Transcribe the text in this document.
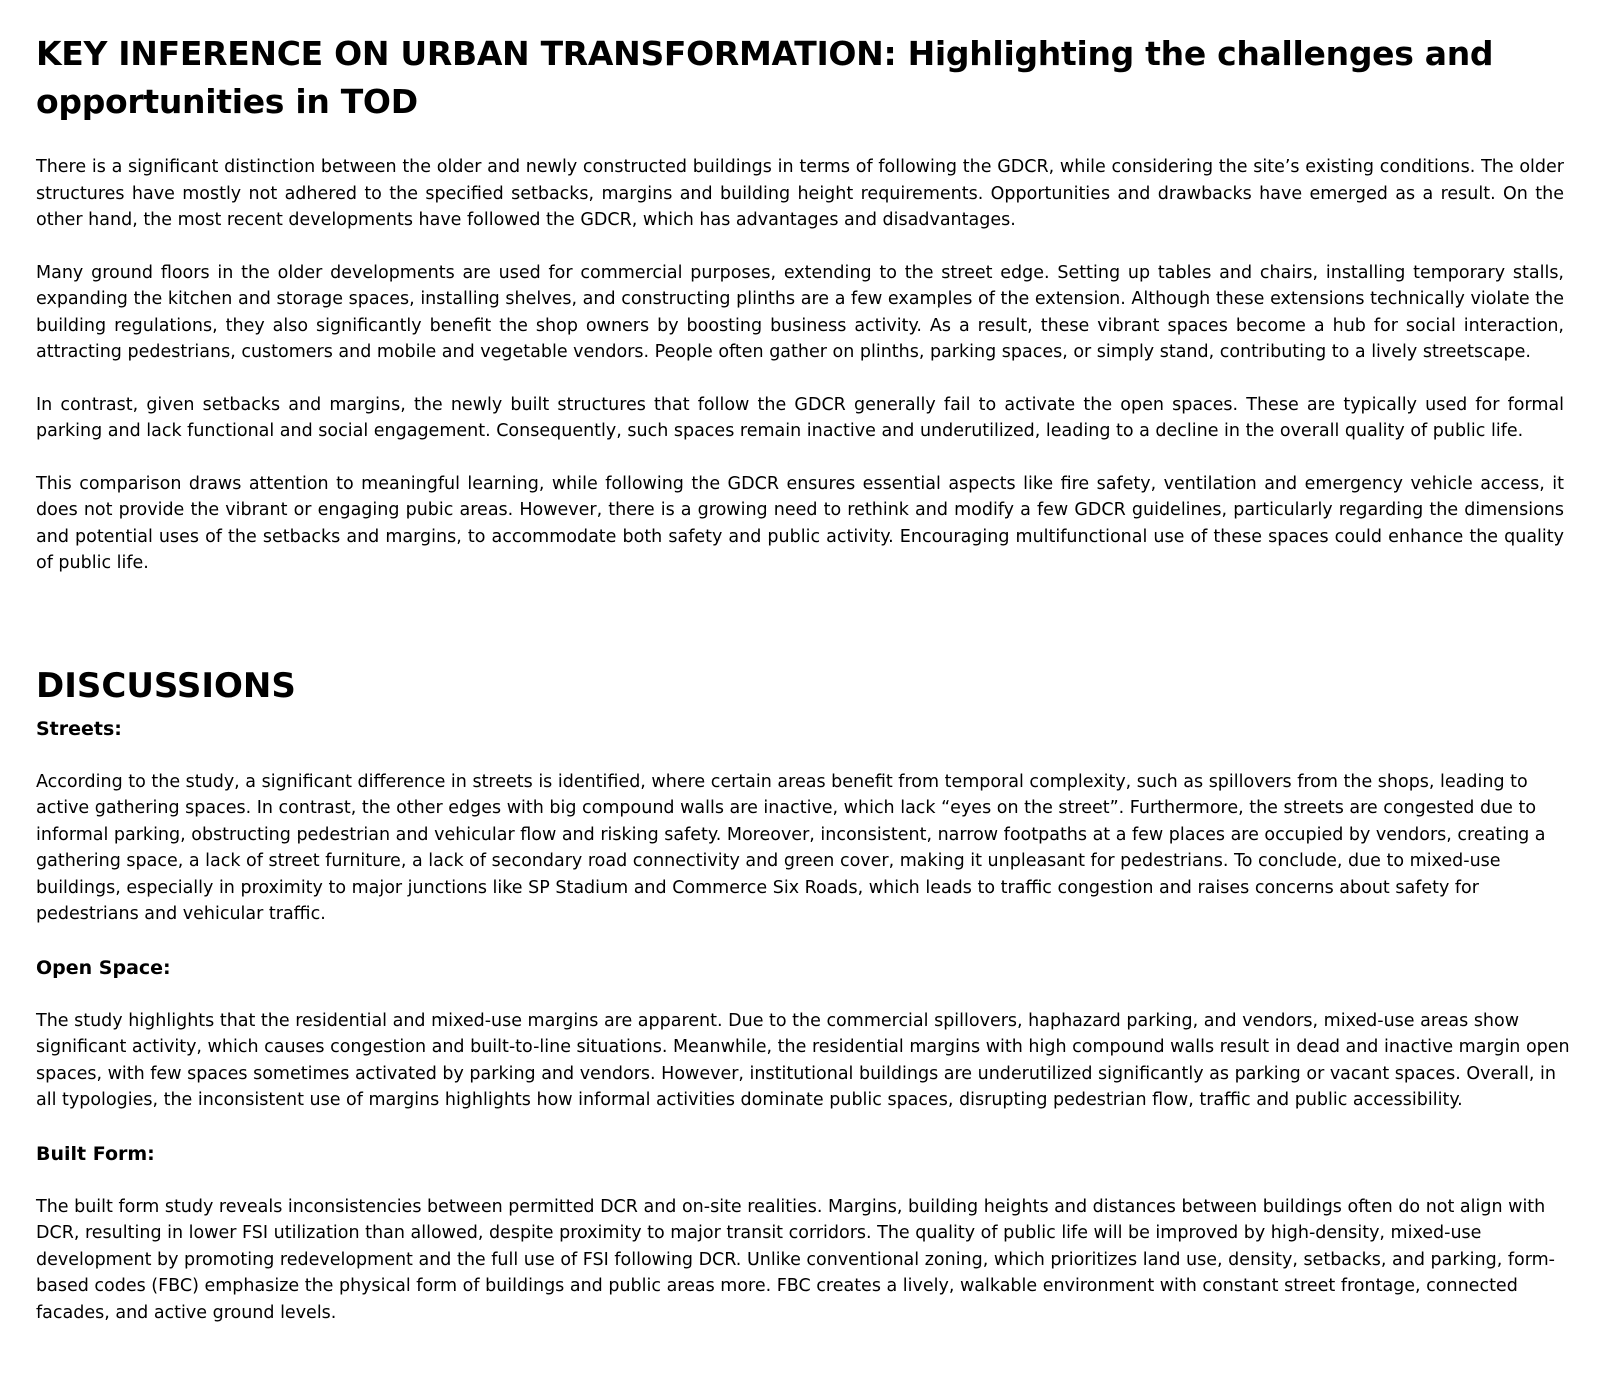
KEY INFERENCE ON URBAN TRANSFORMATION: Highlighting the challenges and opportunities in TOD

There is a significant distinction between the older and newly constructed buildings in terms of following the GDCR, while considering the site’s existing conditions. The older structures have mostly not adhered to the specified setbacks, margins and building height requirements. Opportunities and drawbacks have emerged as a result. On the other hand, the most recent developments have followed the GDCR, which has advantages and disadvantages.

Many ground floors in the older developments are used for commercial purposes, extending to the street edge. Setting up tables and chairs, installing temporary stalls, expanding the kitchen and storage spaces, installing shelves, and constructing plinths are a few examples of the extension. Although these extensions technically violate the building regulations, they also significantly benefit the shop owners by boosting business activity. As a result, these vibrant spaces become a hub for social interaction, attracting pedestrians, customers and mobile and vegetable vendors. People often gather on plinths, parking spaces, or simply stand, contributing to a lively streetscape.

In contrast, given setbacks and margins, the newly built structures that follow the GDCR generally fail to activate the open spaces. These are typically used for formal parking and lack functional and social engagement. Consequently, such spaces remain inactive and underutilized, leading to a decline in the overall quality of public life.

This comparison draws attention to meaningful learning, while following the GDCR ensures essential aspects like fire safety, ventilation and emergency vehicle access, it does not provide the vibrant or engaging pubic areas. However, there is a growing need to rethink and modify a few GDCR guidelines, particularly regarding the dimensions and potential uses of the setbacks and margins, to accommodate both safety and public activity. Encouraging multifunctional use of these spaces could enhance the quality of public life.

DISCUSSIONS
Streets:

According to the study, a significant difference in streets is identified, where certain areas benefit from temporal complexity, such as spillovers from the shops, leading to active gathering spaces. In contrast, the other edges with big compound walls are inactive, which lack “eyes on the street”. Furthermore, the streets are congested due to informal parking, obstructing pedestrian and vehicular flow and risking safety. Moreover, inconsistent, narrow footpaths at a few places are occupied by vendors, creating a gathering space, a lack of street furniture, a lack of secondary road connectivity and green cover, making it unpleasant for pedestrians. To conclude, due to mixed-use buildings, especially in proximity to major junctions like SP Stadium and Commerce Six Roads, which leads to traffic congestion and raises concerns about safety for pedestrians and vehicular traffic.

Open Space:

The study highlights that the residential and mixed-use margins are apparent. Due to the commercial spillovers, haphazard parking, and vendors, mixed-use areas show significant activity, which causes congestion and built-to-line situations. Meanwhile, the residential margins with high compound walls result in dead and inactive margin open spaces, with few spaces sometimes activated by parking and vendors. However, institutional buildings are underutilized significantly as parking or vacant spaces. Overall, in all typologies, the inconsistent use of margins highlights how informal activities dominate public spaces, disrupting pedestrian flow, traffic and public accessibility.

Built Form:

The built form study reveals inconsistencies between permitted DCR and on-site realities. Margins, building heights and distances between buildings often do not align with DCR, resulting in lower FSI utilization than allowed, despite proximity to major transit corridors. The quality of public life will be improved by high-density, mixed-use development by promoting redevelopment and the full use of FSI following DCR. Unlike conventional zoning, which prioritizes land use, density, setbacks, and parking, form-based codes (FBC) emphasize the physical form of buildings and public areas more. FBC creates a lively, walkable environment with constant street frontage, connected facades, and active ground levels.
